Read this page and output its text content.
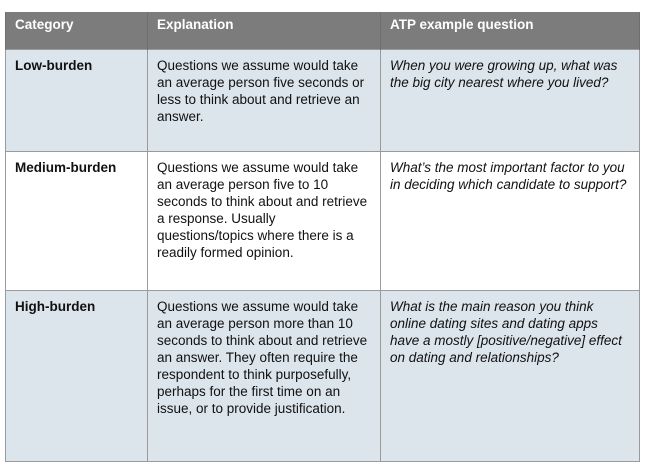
Category	Explanation	ATP example question
Low-burden	Questions we assume would take an average person five seconds or less to think about and retrieve an answer.	When you were growing up, what was the big city nearest where you lived?
Medium-burden	Questions we assume would take an average person five to 10 seconds to think about and retrieve a response. Usually questions/topics where there is a readily formed opinion.	What’s the most important factor to you in deciding which candidate to support?
High-burden	Questions we assume would take an average person more than 10 seconds to think about and retrieve an answer. They often require the respondent to think purposefully, perhaps for the first time on an issue, or to provide justification.	What is the main reason you think online dating sites and dating apps have a mostly [positive/negative] effect on dating and relationships?
